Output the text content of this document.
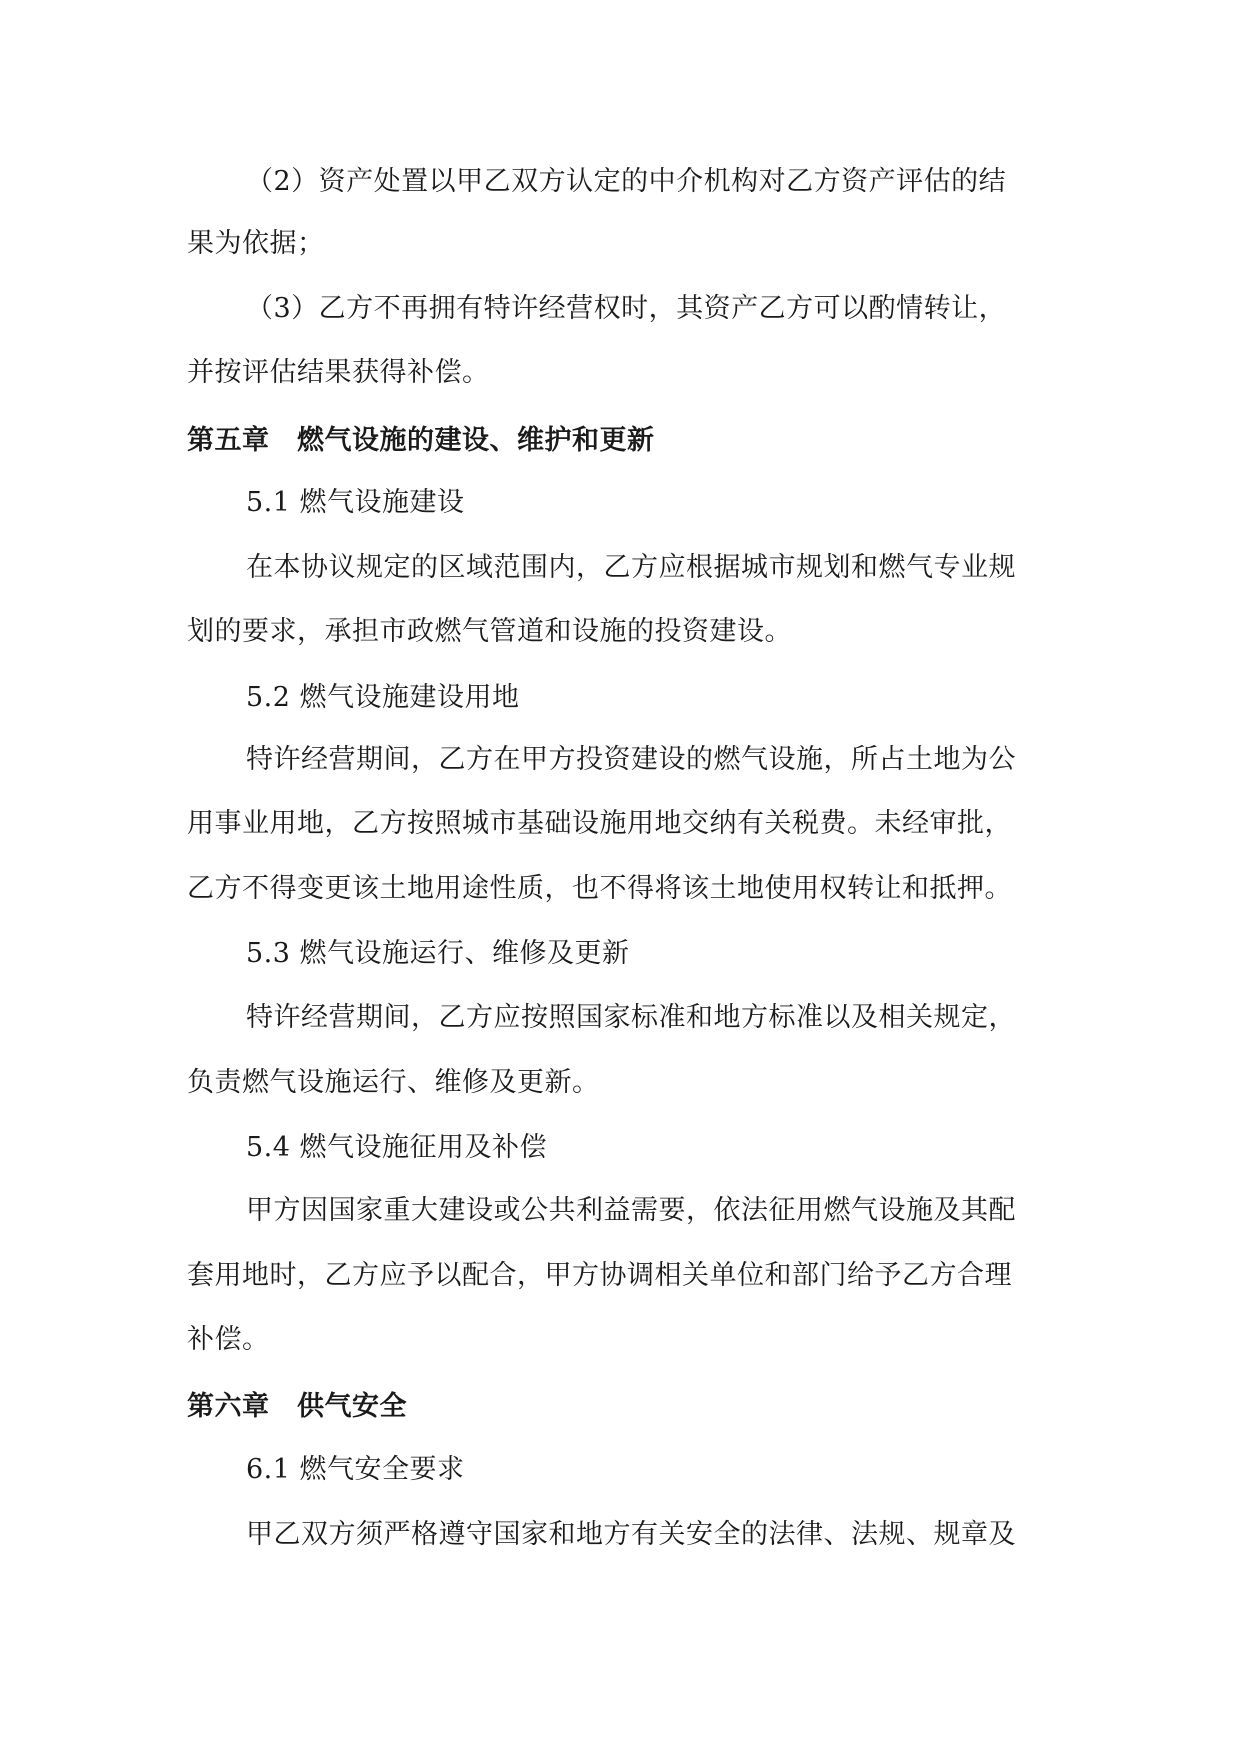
（2）资产处置以甲乙双方认定的中介机构对乙方资产评估的结
果为依据；
（3）乙方不再拥有特许经营权时，其资产乙方可以酌情转让，
并按评估结果获得补偿。
第五章　燃气设施的建设、维护和更新
5.1 燃气设施建设
在本协议规定的区域范围内，乙方应根据城市规划和燃气专业规
划的要求，承担市政燃气管道和设施的投资建设。
5.2 燃气设施建设用地
特许经营期间，乙方在甲方投资建设的燃气设施，所占土地为公
用事业用地，乙方按照城市基础设施用地交纳有关税费。未经审批，
乙方不得变更该土地用途性质，也不得将该土地使用权转让和抵押。
5.3 燃气设施运行、维修及更新
特许经营期间，乙方应按照国家标准和地方标准以及相关规定，
负责燃气设施运行、维修及更新。
5.4 燃气设施征用及补偿
甲方因国家重大建设或公共利益需要，依法征用燃气设施及其配
套用地时，乙方应予以配合，甲方协调相关单位和部门给予乙方合理
补偿。
第六章　供气安全
6.1 燃气安全要求
甲乙双方须严格遵守国家和地方有关安全的法律、法规、规章及
